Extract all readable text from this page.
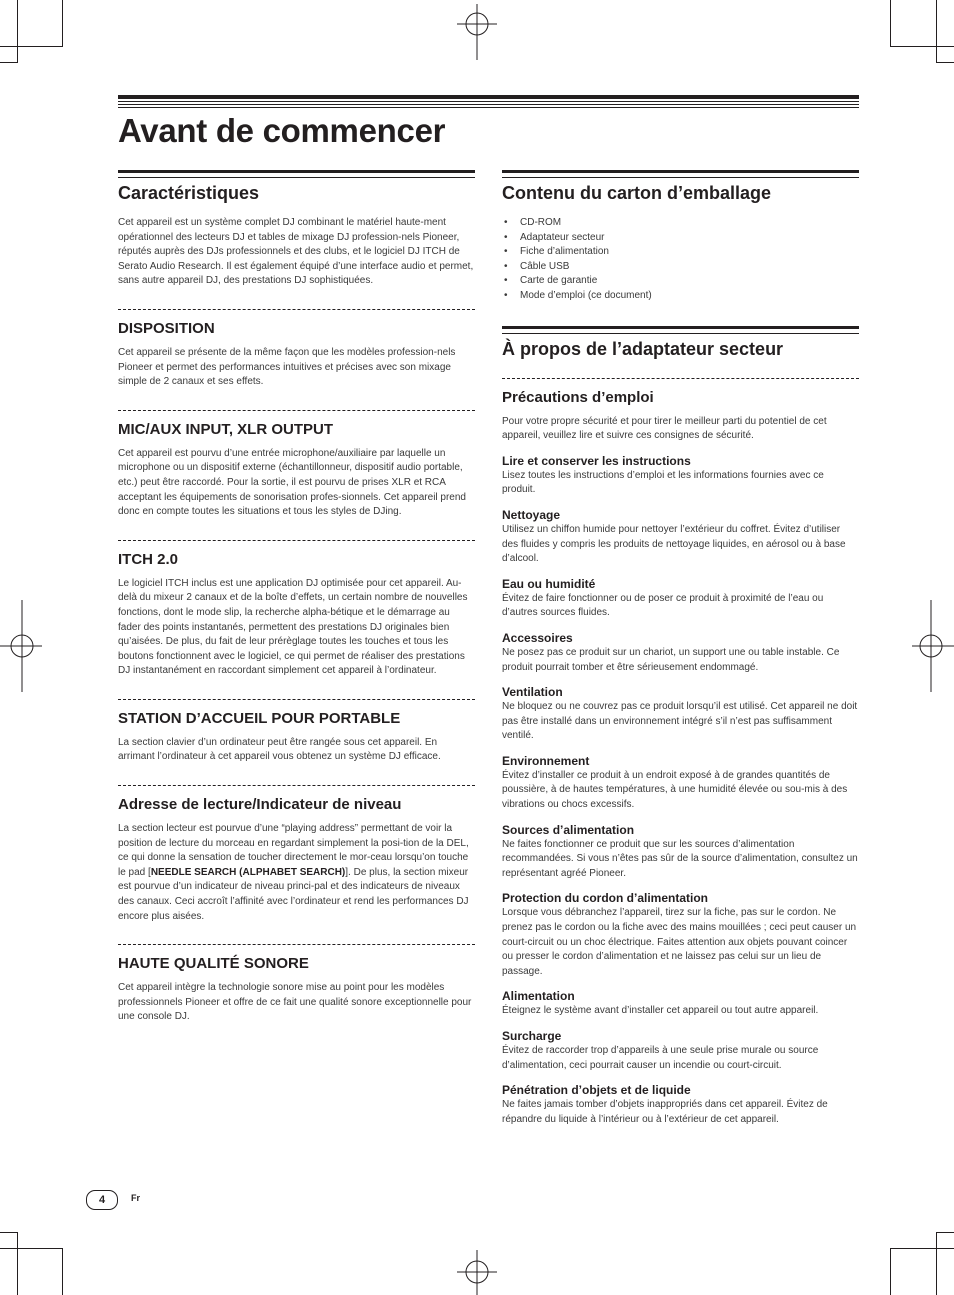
Avant de commencer
Caractéristiques

Cet appareil est un système complet DJ combinant le matériel haute-ment opérationnel des lecteurs DJ et tables de mixage DJ profession-nels Pioneer, réputés auprès des DJs professionnels et des clubs, et le logiciel DJ ITCH de Serato Audio Research. Il est également équipé d’une interface audio et permet, sans autre appareil DJ, des prestations DJ sophistiquées.

DISPOSITION

Cet appareil se présente de la même façon que les modèles profession-nels Pioneer et permet des performances intuitives et précises avec son mixage simple de 2 canaux et ses effets.

MIC/AUX INPUT, XLR OUTPUT

Cet appareil est pourvu d’une entrée microphone/auxiliaire par laquelle un microphone ou un dispositif externe (échantillonneur, dispositif audio portable, etc.) peut être raccordé. Pour la sortie, il est pourvu de prises XLR et RCA acceptant les équipements de sonorisation profes-sionnels. Cet appareil prend donc en compte toutes les situations et tous les styles de DJing.

ITCH 2.0

Le logiciel ITCH inclus est une application DJ optimisée pour cet appareil. Au-delà du mixeur 2 canaux et de la boîte d’effets, un certain nombre de nouvelles fonctions, dont le mode slip, la recherche alpha-bétique et le démarrage au fader des points instantanés, permettent des prestations DJ originales bien qu’aisées. De plus, du fait de leur prérèglage toutes les touches et tous les boutons fonctionnent avec le logiciel, ce qui permet de réaliser des prestations DJ instantanément en raccordant simplement cet appareil à l’ordinateur.

STATION D’ACCUEIL POUR PORTABLE

La section clavier d’un ordinateur peut être rangée sous cet appareil. En arrimant l’ordinateur à cet appareil vous obtenez un système DJ efficace.

Adresse de lecture/Indicateur de niveau

La section lecteur est pourvue d’une “playing address” permettant de voir la position de lecture du morceau en regardant simplement la posi-tion de la DEL, ce qui donne la sensation de toucher directement le mor-ceau lorsqu’on touche le pad [NEEDLE SEARCH (ALPHABET SEARCH)]. De plus, la section mixeur est pourvue d’un indicateur de niveau princi-pal et des indicateurs de niveaux des canaux. Ceci accroît l’affinité avec l’ordinateur et rend les performances DJ encore plus aisées.

HAUTE QUALITÉ SONORE

Cet appareil intègre la technologie sonore mise au point pour les modèles professionnels Pioneer et offre de ce fait une qualité sonore exceptionnelle pour une console DJ.

Contenu du carton d’emballage
• CD-ROM
• Adaptateur secteur
• Fiche d’alimentation
• Câble USB
• Carte de garantie
• Mode d’emploi (ce document)
À propos de l’adaptateur secteur
Précautions d’emploi

Pour votre propre sécurité et pour tirer le meilleur parti du potentiel de cet appareil, veuillez lire et suivre ces consignes de sécurité.

Lire et conserver les instructions

Lisez toutes les instructions d’emploi et les informations fournies avec ce produit.

Nettoyage

Utilisez un chiffon humide pour nettoyer l’extérieur du coffret. Évitez d’utiliser des fluides y compris les produits de nettoyage liquides, en aérosol ou à base d’alcool.

Eau ou humidité

Évitez de faire fonctionner ou de poser ce produit à proximité de l’eau ou d’autres sources fluides.

Accessoires

Ne posez pas ce produit sur un chariot, un support une ou table instable. Ce produit pourrait tomber et être sérieusement endommagé.

Ventilation

Ne bloquez ou ne couvrez pas ce produit lorsqu’il est utilisé. Cet appareil ne doit pas être installé dans un environnement intégré s’il n’est pas suffisamment ventilé.

Environnement

Évitez d’installer ce produit à un endroit exposé à de grandes quantités de poussière, à de hautes températures, à une humidité élevée ou sou-mis à des vibrations ou chocs excessifs.

Sources d’alimentation

Ne faites fonctionner ce produit que sur les sources d’alimentation recommandées. Si vous n’êtes pas sûr de la source d’alimentation, consultez un représentant agréé Pioneer.

Protection du cordon d’alimentation

Lorsque vous débranchez l’appareil, tirez sur la fiche, pas sur le cordon. Ne prenez pas le cordon ou la fiche avec des mains mouillées ; ceci peut causer un court-circuit ou un choc électrique. Faites attention aux objets pouvant coincer ou presser le cordon d’alimentation et ne laissez pas celui sur un lieu de passage.

Alimentation

Éteignez le système avant d’installer cet appareil ou tout autre appareil.

Surcharge

Évitez de raccorder trop d’appareils à une seule prise murale ou source d’alimentation, ceci pourrait causer un incendie ou court-circuit.

Pénétration d’objets et de liquide

Ne faites jamais tomber d’objets inappropriés dans cet appareil. Évitez de répandre du liquide à l’intérieur ou à l’extérieur de cet appareil.

4	Fr
